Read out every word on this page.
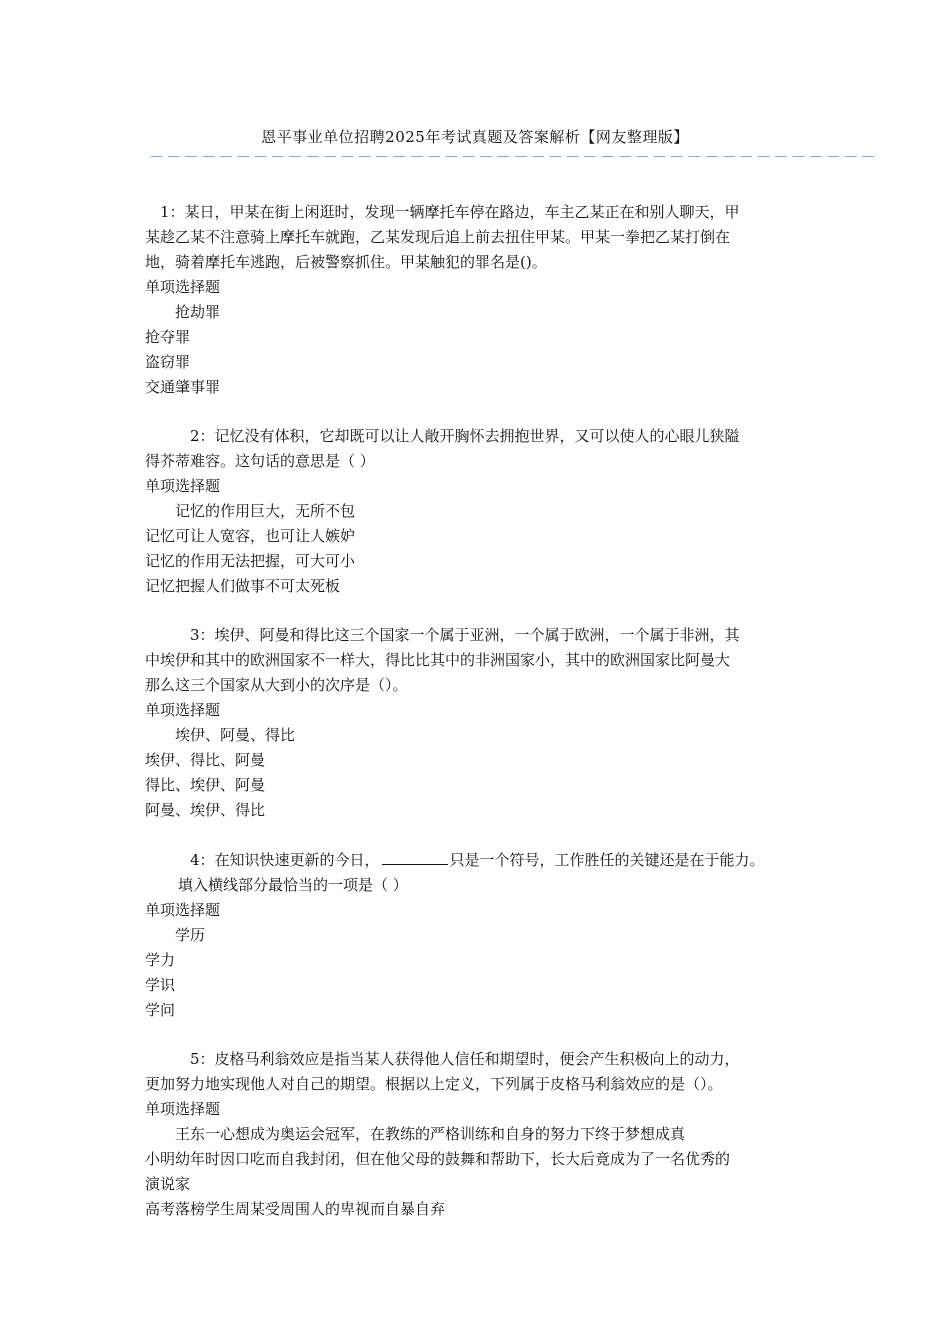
恩平事业单位招聘2025年考试真题及答案解析【网友整理版】
——————————————————————————————————————————

1：某日，甲某在街上闲逛时，发现一辆摩托车停在路边，车主乙某正在和别人聊天，甲

某趁乙某不注意骑上摩托车就跑，乙某发现后追上前去扭住甲某。甲某一拳把乙某打倒在

地，骑着摩托车逃跑，后被警察抓住。甲某触犯的罪名是()。

单项选择题

抢劫罪

抢夺罪

盗窃罪

交通肇事罪

2：记忆没有体积，它却既可以让人敞开胸怀去拥抱世界，又可以使人的心眼儿狭隘

得芥蒂难容。这句话的意思是（ ）

单项选择题

记忆的作用巨大，无所不包

记忆可让人宽容，也可让人嫉妒

记忆的作用无法把握，可大可小

记忆把握人们做事不可太死板

3：埃伊、阿曼和得比这三个国家一个属于亚洲，一个属于欧洲，一个属于非洲，其

中埃伊和其中的欧洲国家不一样大，得比比其中的非洲国家小，其中的欧洲国家比阿曼大

那么这三个国家从大到小的次序是（）。

单项选择题

埃伊、阿曼、得比

埃伊、得比、阿曼

得比、埃伊、阿曼

阿曼、埃伊、得比

4：在知识快速更新的今日，	只是一个符号，工作胜任的关键还是在于能力。

填入横线部分最恰当的一项是（ ）

单项选择题

学历

学力

学识

学问

5：皮格马利翁效应是指当某人获得他人信任和期望时，便会产生积极向上的动力，

更加努力地实现他人对自己的期望。根据以上定义，下列属于皮格马利翁效应的是（）。

单项选择题

王东一心想成为奥运会冠军，在教练的严格训练和自身的努力下终于梦想成真

小明幼年时因口吃而自我封闭，但在他父母的鼓舞和帮助下，长大后竟成为了一名优秀的

演说家

高考落榜学生周某受周围人的卑视而自暴自弃
